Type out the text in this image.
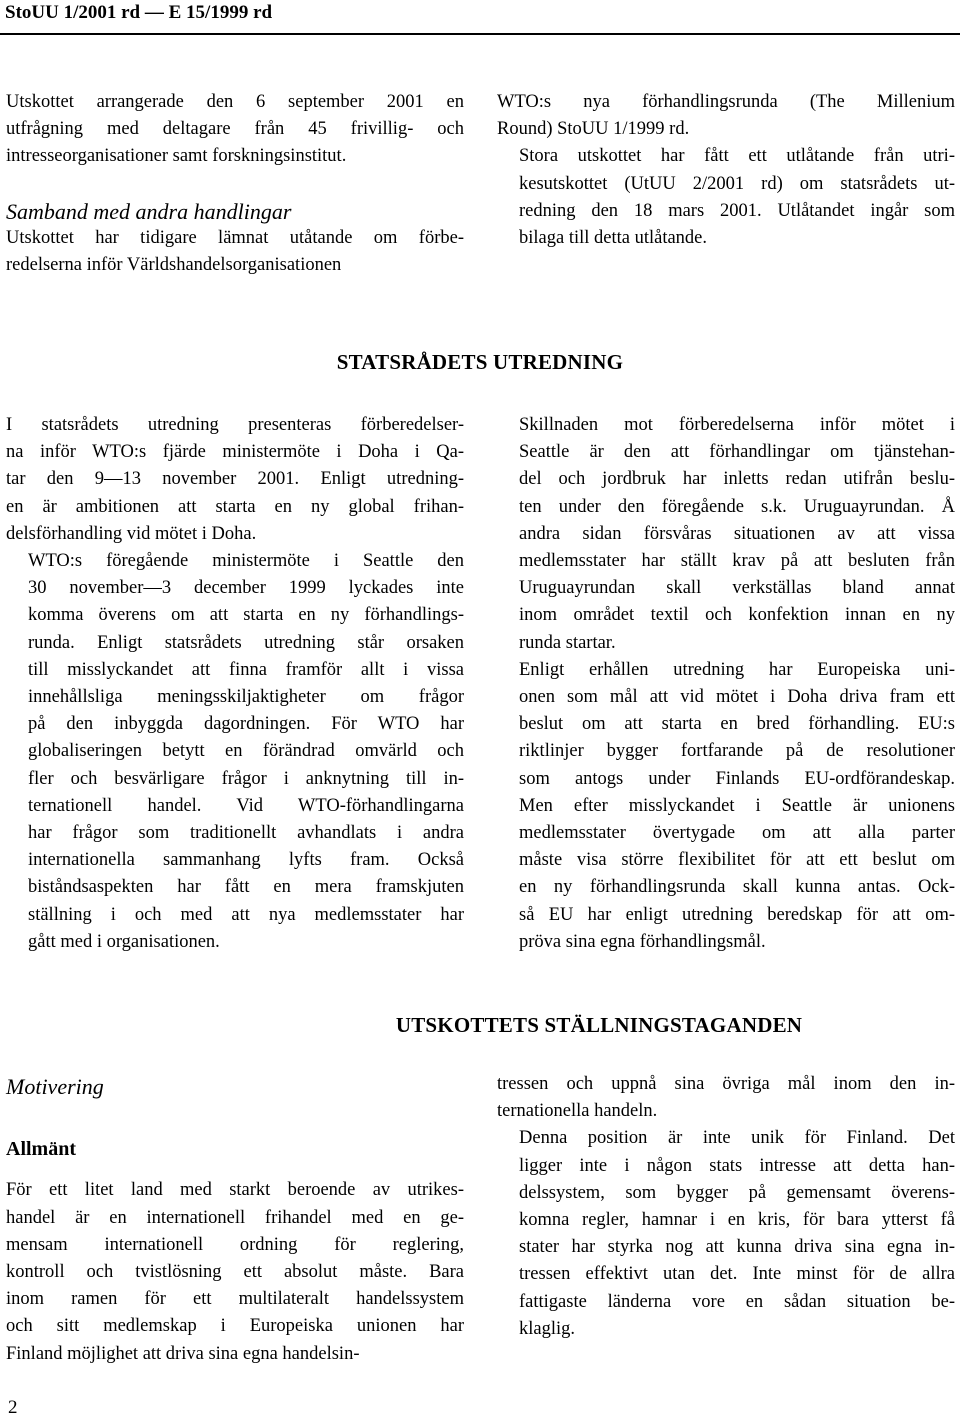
StoUU 1/2001 rd — E 15/1999 rd

Utskottet arrangerade den 6 september 2001 en
utfrågning med deltagare från 45 frivillig- och
intresseorganisationer samt forskningsinstitut.

Samband med andra handlingar

Utskottet har tidigare lämnat utåtande om förbe-
redelserna inför Världshandelsorganisationen

WTO:s nya förhandlingsrunda (The Millenium
Round) StoUU 1/1999 rd.

Stora utskottet har fått ett utlåtande från utri-
kesutskottet (UtUU 2/2001 rd) om statsrådets ut-
redning den 18 mars 2001. Utlåtandet ingår som
bilaga till detta utlåtande.

STATSRÅDETS UTREDNING

I statsrådets utredning presenteras förberedelser-
na inför WTO:s fjärde ministermöte i Doha i Qa-
tar den 9—13 november 2001. Enligt utredning-
en är ambitionen att starta en ny global frihan-
delsförhandling vid mötet i Doha.

WTO:s föregående ministermöte i Seattle den
30 november—3 december 1999 lyckades inte
komma överens om att starta en ny förhandlings-
runda. Enligt statsrådets utredning står orsaken
till misslyckandet att finna framför allt i vissa
innehållsliga meningsskiljaktigheter om frågor
på den inbyggda dagordningen. För WTO har
globaliseringen betytt en förändrad omvärld och
fler och besvärligare frågor i anknytning till in-
ternationell handel. Vid WTO-förhandlingarna
har frågor som traditionellt avhandlats i andra
internationella sammanhang lyfts fram. Också
biståndsaspekten har fått en mera framskjuten
ställning i och med att nya medlemsstater har
gått med i organisationen.

Skillnaden mot förberedelserna inför mötet i
Seattle är den att förhandlingar om tjänstehan-
del och jordbruk har inletts redan utifrån beslu-
ten under den föregående s.k. Uruguayrundan. Å
andra sidan försvåras situationen av att vissa
medlemsstater har ställt krav på att besluten från
Uruguayrundan skall verkställas bland annat
inom området textil och konfektion innan en ny
runda startar.

Enligt erhållen utredning har Europeiska uni-
onen som mål att vid mötet i Doha driva fram ett
beslut om att starta en bred förhandling. EU:s
riktlinjer bygger fortfarande på de resolutioner
som antogs under Finlands EU-ordförandeskap.
Men efter misslyckandet i Seattle är unionens
medlemsstater övertygade om att alla parter
måste visa större flexibilitet för att ett beslut om
en ny förhandlingsrunda skall kunna antas. Ock-
så EU har enligt utredning beredskap för att om-
pröva sina egna förhandlingsmål.

UTSKOTTETS STÄLLNINGSTAGANDEN
Motivering
Allmänt

För ett litet land med starkt beroende av utrikes-
handel är en internationell frihandel med en ge-
mensam internationell ordning för reglering,
kontroll och tvistlösning ett absolut måste. Bara
inom ramen för ett multilateralt handelssystem
och sitt medlemskap i Europeiska unionen har
Finland möjlighet att driva sina egna handelsin-

tressen och uppnå sina övriga mål inom den in-
ternationella handeln.

Denna position är inte unik för Finland. Det
ligger inte i någon stats intresse att detta han-
delssystem, som bygger på gemensamt överens-
komna regler, hamnar i en kris, för bara ytterst få
stater har styrka nog att kunna driva sina egna in-
tressen effektivt utan det. Inte minst för de allra
fattigaste länderna vore en sådan situation be-
klaglig.

2
